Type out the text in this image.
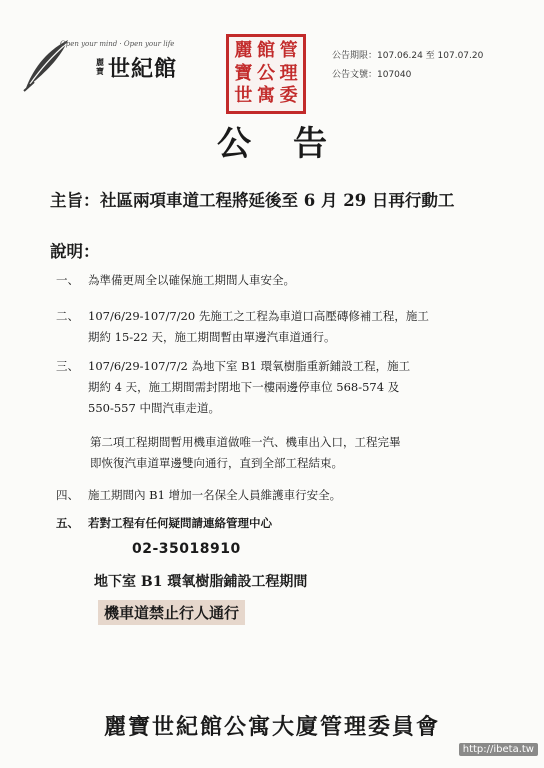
Open your mind · Open your life
麗寶 世紀館
麗 館 管
寶 公 理
世 寓 委
公告期限：107.06.24 至 107.07.20
公告文號：107040
公告
主旨： 社區兩項車道工程將延後至 6 月 29 日再行動工
說明：
一、 為準備更周全以確保施工期間人車安全。
二、 107/6/29-107/7/20 先施工之工程為車道口高壓磚修補工程，施工
期約 15-22 天，施工期間暫由單邊汽車道通行。
三、 107/6/29-107/7/2 為地下室 B1 環氧樹脂重新鋪設工程，施工
期約 4 天，施工期間需封閉地下一樓兩邊停車位 568-574 及
550-557 中間汽車走道。
第二項工程期間暫用機車道做唯一汽、機車出入口，工程完畢
即恢復汽車道單邊雙向通行，直到全部工程結束。
四、 施工期間內 B1 增加一名保全人員維護車行安全。
五、 若對工程有任何疑問請連絡管理中心
02-35018910
地下室 B1 環氧樹脂鋪設工程期間
機車道禁止行人通行
麗寶世紀館公寓大廈管理委員會
http://ibeta.tw
